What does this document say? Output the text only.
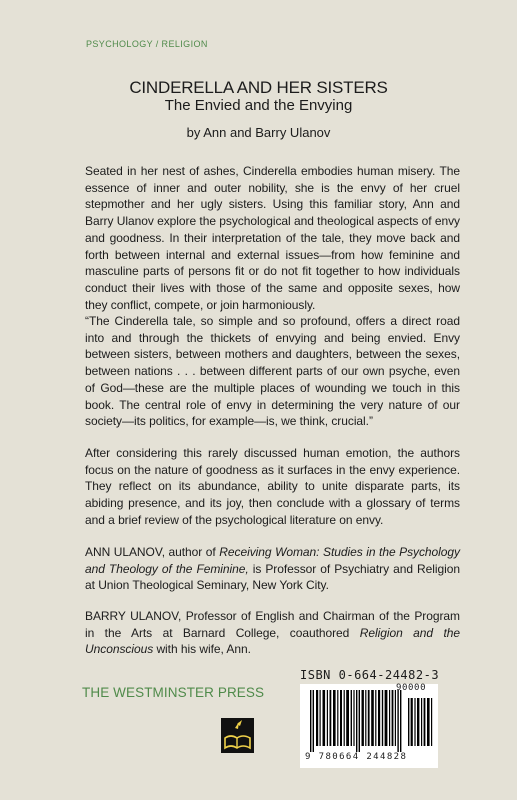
PSYCHOLOGY / RELIGION
CINDERELLA AND HER SISTERS
The Envied and the Envying
by Ann and Barry Ulanov

Seated in her nest of ashes, Cinderella embodies human misery. The essence of inner and outer nobility, she is the envy of her cruel stepmother and her ugly sisters. Using this familiar story, Ann and Barry Ulanov explore the psychological and theological aspects of envy and goodness. In their interpretation of the tale, they move back and forth between internal and external issues—from how feminine and masculine parts of persons fit or do not fit together to how individuals conduct their lives with those of the same and opposite sexes, how they conflict, compete, or join harmoniously.

“The Cinderella tale, so simple and so profound, offers a direct road into and through the thickets of envying and being envied. Envy between sisters, between mothers and daughters, between the sexes, between nations . . . between different parts of our own psyche, even of God—these are the multiple places of wounding we touch in this book. The central role of envy in determining the very nature of our society—its politics, for example—is, we think, crucial.”

After considering this rarely discussed human emotion, the authors focus on the nature of goodness as it surfaces in the envy experience. They reflect on its abundance, ability to unite disparate parts, its abiding presence, and its joy, then conclude with a glossary of terms and a brief review of the psychological literature on envy.

ANN ULANOV, author of Receiving Woman: Studies in the Psychology and Theology of the Feminine, is Professor of Psychiatry and Religion at Union Theological Seminary, New York City.

BARRY ULANOV, Professor of English and Chairman of the Program in the Arts at Barnard College, coauthored Religion and the Unconscious with his wife, Ann.

THE WESTMINSTER PRESS
ISBN 0-664-24482-3
90000
9 780664 244828
